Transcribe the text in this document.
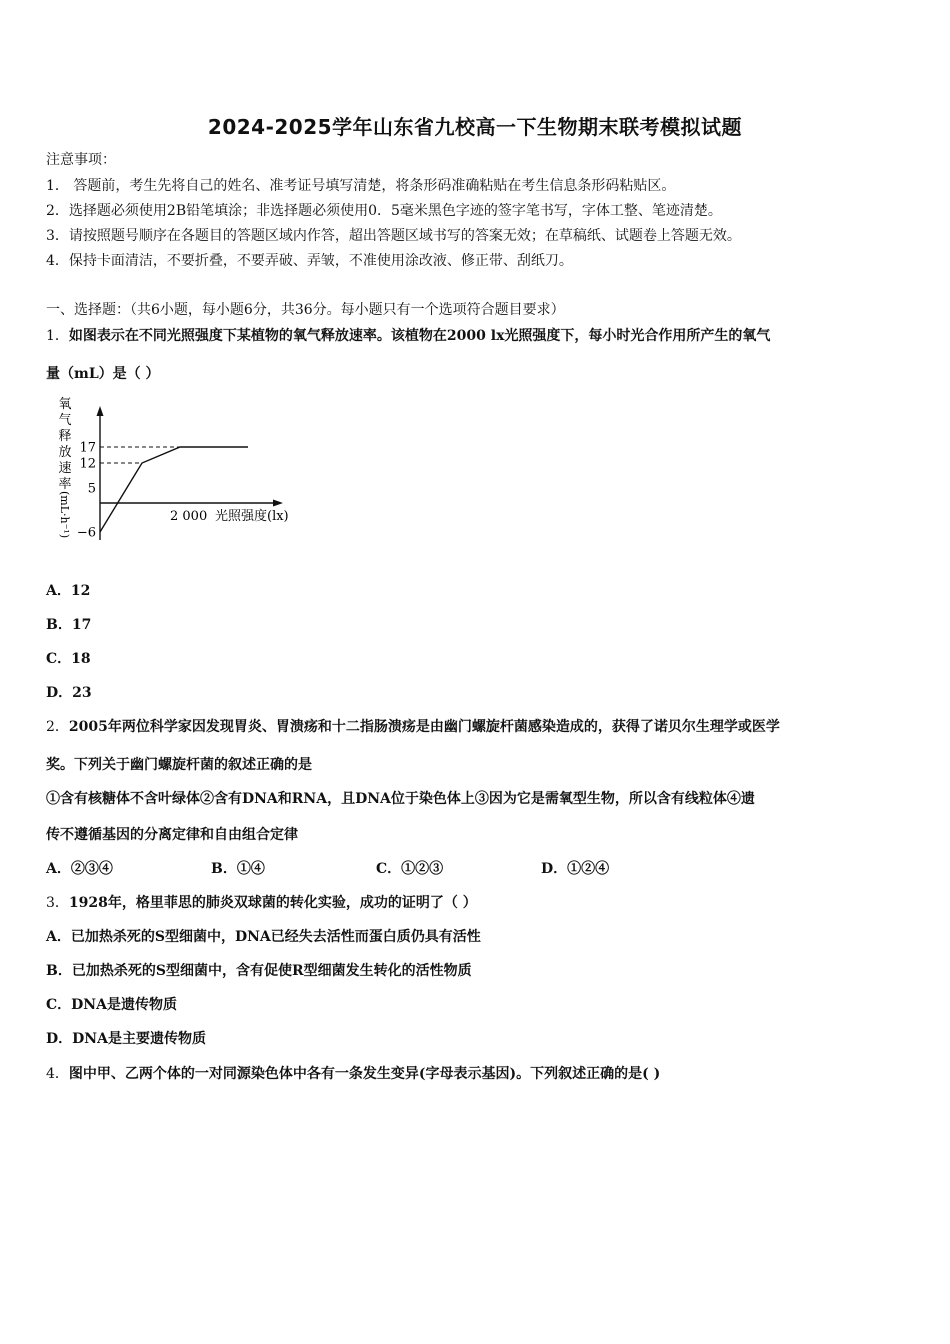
2024-2025学年山东省九校高一下生物期末联考模拟试题
注意事项：
1． 答题前，考生先将自己的姓名、准考证号填写清楚，将条形码准确粘贴在考生信息条形码粘贴区。
2．选择题必须使用2B铅笔填涂；非选择题必须使用0．5毫米黑色字迹的签字笔书写，字体工整、笔迹清楚。
3．请按照题号顺序在各题目的答题区域内作答，超出答题区域书写的答案无效；在草稿纸、试题卷上答题无效。
4．保持卡面清洁，不要折叠，不要弄破、弄皱，不准使用涂改液、修正带、刮纸刀。
一、选择题：（共6小题，每小题6分，共36分。每小题只有一个选项符合题目要求）
1．如图表示在不同光照强度下某植物的氧气释放速率。该植物在2000 lx光照强度下，每小时光合作用所产生的氧气
量（mL）是（ ）
氧
气
释
放
速
率
(mL·h⁻¹)
17
12
5
−6
2 000 光照强度(lx)
A．12
B．17
C．18
D．23
2．2005年两位科学家因发现胃炎、胃溃疡和十二指肠溃疡是由幽门螺旋杆菌感染造成的，获得了诺贝尔生理学或医学
奖。下列关于幽门螺旋杆菌的叙述正确的是
①含有核糖体不含叶绿体②含有DNA和RNA，且DNA位于染色体上③因为它是需氧型生物，所以含有线粒体④遗
传不遵循基因的分离定律和自由组合定律
A．②③④	B．①④	C．①②③	D．①②④
3．1928年，格里菲思的肺炎双球菌的转化实验，成功的证明了（ ）
A．已加热杀死的S型细菌中，DNA已经失去活性而蛋白质仍具有活性
B．已加热杀死的S型细菌中，含有促使R型细菌发生转化的活性物质
C．DNA是遗传物质
D．DNA是主要遗传物质
4．图中甲、乙两个体的一对同源染色体中各有一条发生变异(字母表示基因)。下列叙述正确的是( )
